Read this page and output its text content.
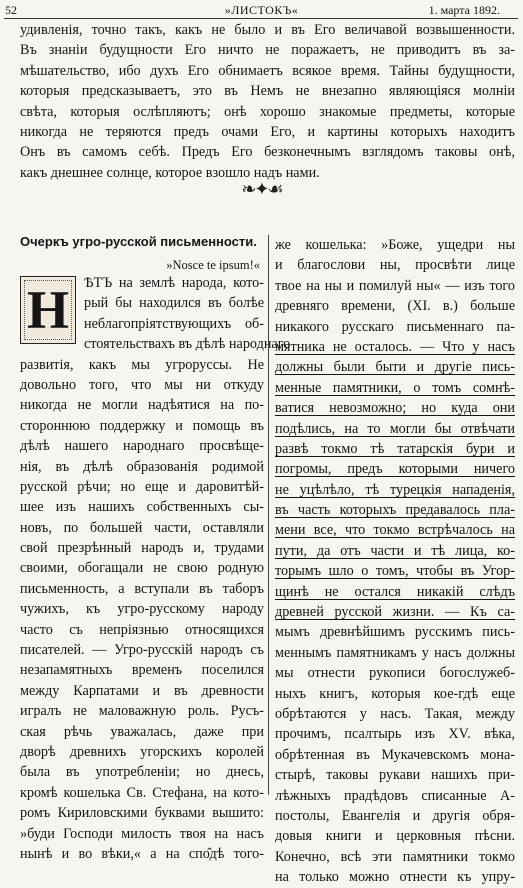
52	»ЛИСТОКЪ«	1. марта 1892.
удивленія, точно такъ, какъ не было и въ Его величавой возвышенности.
Въ знаніи будущности Его ничто не поражаетъ, не приводитъ въ за-
мѣшательство, ибо духъ Его обнимаетъ всякое время. Тайны будущности,
которыя предсказываетъ, это въ Немъ не внезапно являющіяся молніи
свѣта, которыя ослѣпляютъ; онѣ хорошо знакомые предметы, которые
никогда не теряются предъ очами Его, и картины которыхъ находитъ
Онъ въ самомъ себѣ. Предъ Его безконечнымъ взглядомъ таковы онѣ,
какъ днешнее солнце, которое взошло надъ нами.
❧✦☙
Очеркъ угро-русской письменности.
»Nosce te ipsum!«
ѢТЪ на землѣ народа, кото-
рый бы находился въ болѣе
неблагопріятствующихъ об-
стоятельствахъ въ дѣлѣ народнаго
развитія, какъ мы угроруссы. Не
довольно того, что мы ни откуду
никогда не могли надѣятися на по-
стороннюю поддержку и помощь въ
дѣлѣ нашего народнаго просвѣще-
нія, въ дѣлѣ образованія родимой
русской рѣчи; но еще и даровитѣй-
шее изъ нашихъ собственныхъ сы-
новъ, по большей части, оставляли
свой презрѣнный народъ и, трудами
своими, обогащали не свою родную
письменность, а вступали въ таборъ
чужихъ, къ угро-русскому народу
часто съ непріязнью относящихся
писателей. — Угро-русскій народъ съ
незапамятныхъ временъ поселился
между Карпатами и въ древности
игралъ не маловажную роль. Русъ-
ская рѣчь уважалась, даже при
дворѣ древнихъ угорскихъ королей
была въ употребленіи; но днесь,
кромѣ кошелька Св. Стефана, на кото-
ромъ Кириловскими буквами вышито:
»буди Господи милость твоя на насъ
нынѣ и во вѣки,« а на спо̂дѣ того-
Н
же кошелька: »Боже, ущедри ны
и благослови ны, просвѣти лице
твое на ны и помилуй ны« — изъ того
древняго времени, (XI. в.) больше
никакого русскаго письменнаго па-
мятника не осталось. — Что у насъ
должны были быти и другіе пись-
менные памятники, о томъ сомнѣ-
ватися невозможно; но куда они
подѣлись, на то могли бы отвѣчати
развѣ токмо тѣ татарскія бури и
погромы, предъ которыми ничего
не уцѣлѣло, тѣ турецкія нападенія,
въ часть которыхъ предавалось пла-
мени все, что токмо встрѣчалось на
пути, да отъ части и тѣ лица, ко-
торымъ шло о томъ, чтобы въ Угор-
щинѣ не остался никакій слѣдъ
древней русской жизни. — Къ са-
мымъ древнѣйшимъ русскимъ пись-
меннымъ памятникамъ у насъ должны
мы отнести рукописи богослужеб-
ныхъ книгъ, которыя кое-гдѣ еще
обрѣтаются у насъ. Такая, между
прочимъ, псалтырь изъ XV. вѣка,
обрѣтенная въ Мукачевскомъ мона-
стырѣ, таковы рукави нашихъ при-
лѣжныхъ прадѣдовъ списанные А-
постолы, Евангелія и другія обря-
довыя книги и церковныя пѣсни.
Конечно, всѣ эти памятники токмо
на только можно отнести къ упру-
